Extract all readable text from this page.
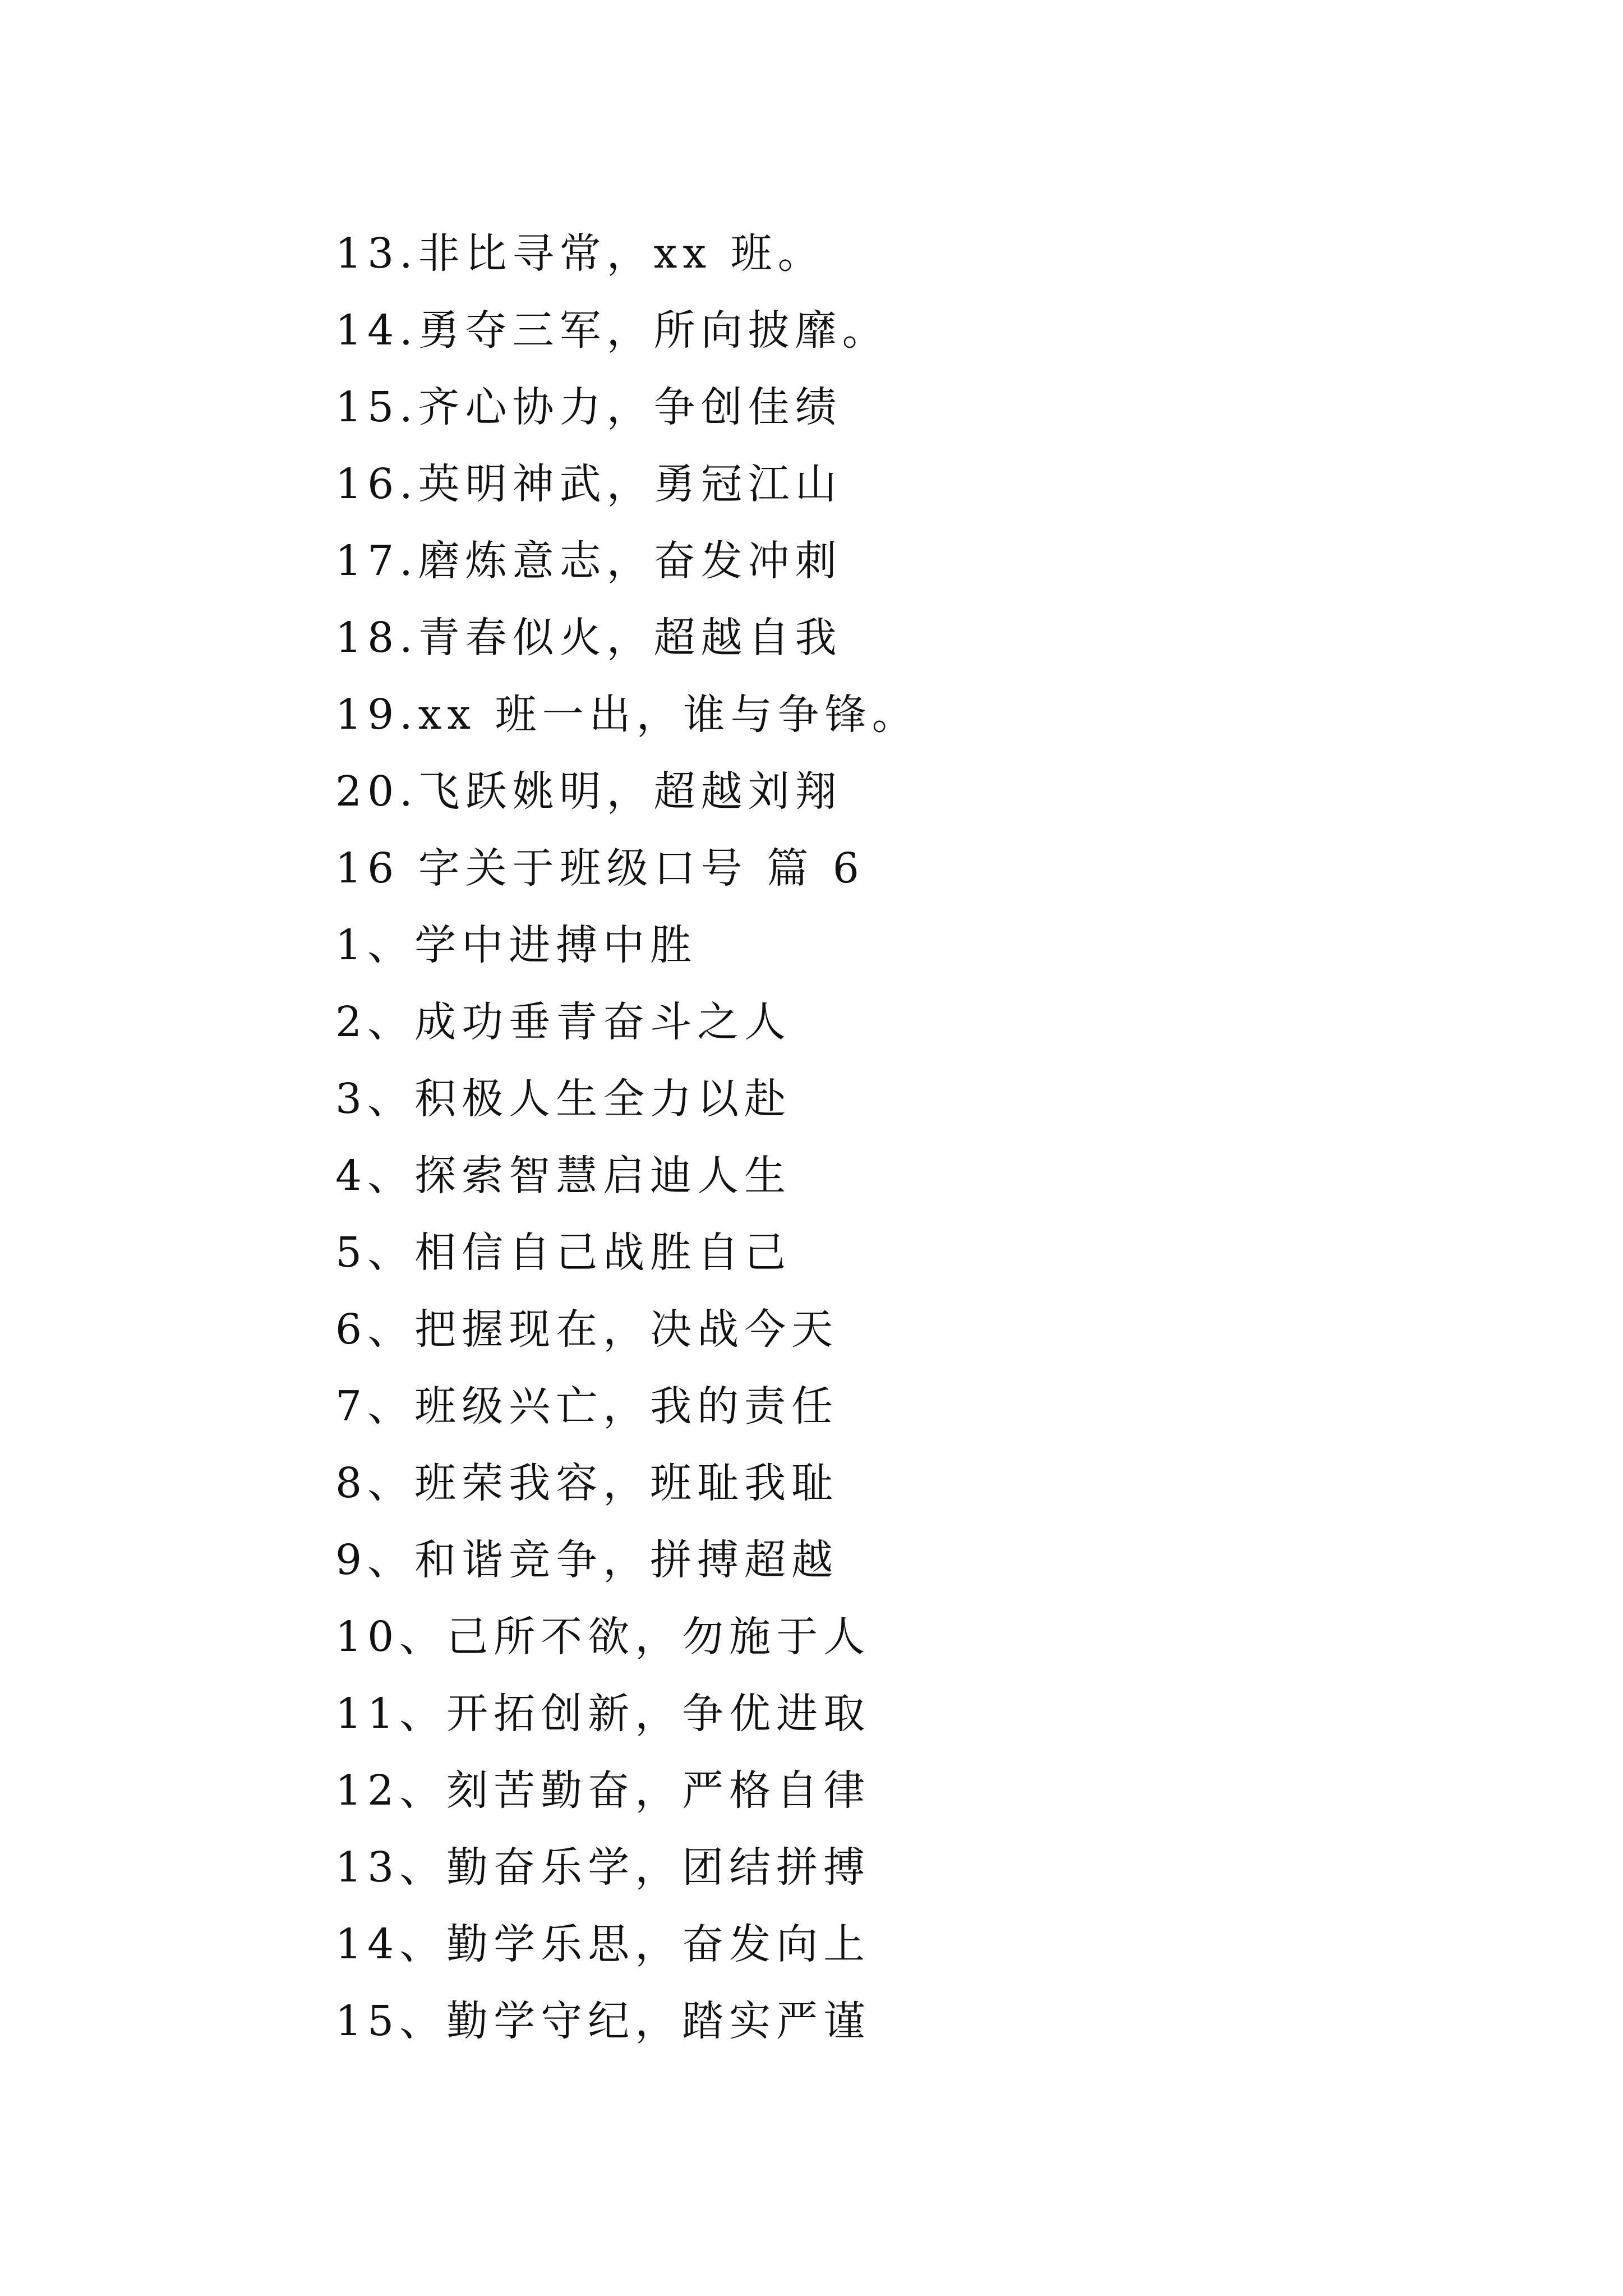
13.非比寻常，xx 班。
14.勇夺三军，所向披靡。
15.齐心协力，争创佳绩
16.英明神武，勇冠江山
17.磨炼意志，奋发冲刺
18.青春似火，超越自我
19.xx 班一出，谁与争锋。
20.飞跃姚明，超越刘翔
16 字关于班级口号 篇 6
1、学中进搏中胜
2、成功垂青奋斗之人
3、积极人生全力以赴
4、探索智慧启迪人生
5、相信自己战胜自己
6、把握现在，决战今天
7、班级兴亡，我的责任
8、班荣我容，班耻我耻
9、和谐竞争，拼搏超越
10、己所不欲，勿施于人
11、开拓创新，争优进取
12、刻苦勤奋，严格自律
13、勤奋乐学，团结拼搏
14、勤学乐思，奋发向上
15、勤学守纪，踏实严谨
